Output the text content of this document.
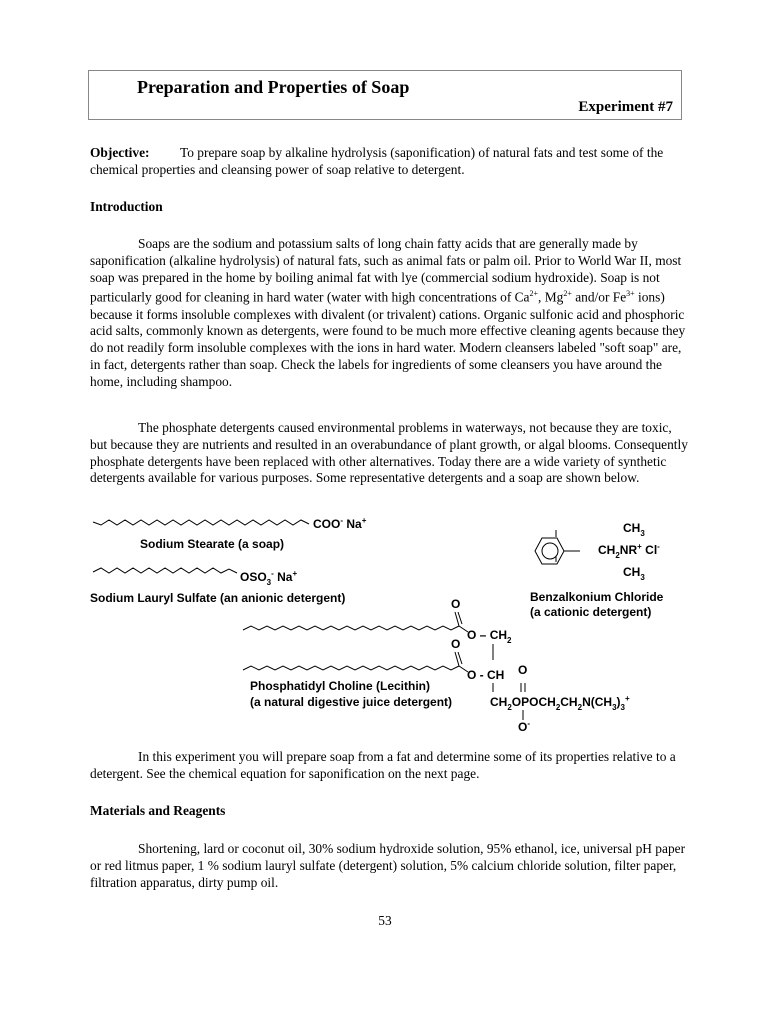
Preparation and Properties of Soap
Experiment #7

Objective: To prepare soap by alkaline hydrolysis (saponification) of natural fats and test some of the chemical properties and cleansing power of soap relative to detergent.

Introduction

Soaps are the sodium and potassium salts of long chain fatty acids that are generally made by saponification (alkaline hydrolysis) of natural fats, such as animal fats or palm oil. Prior to World War II, most soap was prepared in the home by boiling animal fat with lye (commercial sodium hydroxide). Soap is not particularly good for cleaning in hard water (water with high concentrations of $Ca^{2+}$, $Mg^{2+}$ and/or $Fe^{3+}$ ions) because it forms insoluble complexes with divalent (or trivalent) cations. Organic sulfonic acid and phosphoric acid salts, commonly known as detergents, were found to be much more effective cleaning agents because they do not readily form insoluble complexes with the ions in hard water. Modern cleansers labeled "soft soap" are, in fact, detergents rather than soap. Check the labels for ingredients of some cleansers you have around the home, including shampoo.

The phosphate detergents caused environmental problems in waterways, not because they are toxic, but because they are nutrients and resulted in an overabundance of plant growth, or algal blooms. Consequently phosphate detergents have been replaced with other alternatives. Today there are a wide variety of synthetic detergents available for various purposes. Some representative detergents and a soap are shown below.

COO- Na+
Sodium Stearate (a soap)
$OSO_3^-$ Na+
Sodium Lauryl Sulfate (an anionic detergent)
$CH_3$
$CH_2NR^+$ Cl-
$CH_3$
Benzalkonium Chloride
(a cationic detergent)
O
O – $CH_2$
O
O - CH O
$CH_2OPOCH_2CH_2N(CH_3)_3^+$
O-
Phosphatidyl Choline (Lecithin)
(a natural digestive juice detergent)

In this experiment you will prepare soap from a fat and determine some of its properties relative to a detergent. See the chemical equation for saponification on the next page.

Materials and Reagents

Shortening, lard or coconut oil, 30% sodium hydroxide solution, 95% ethanol, ice, universal pH paper or red litmus paper, 1 % sodium lauryl sulfate (detergent) solution, 5% calcium chloride solution, filter paper, filtration apparatus, dirty pump oil.

53
